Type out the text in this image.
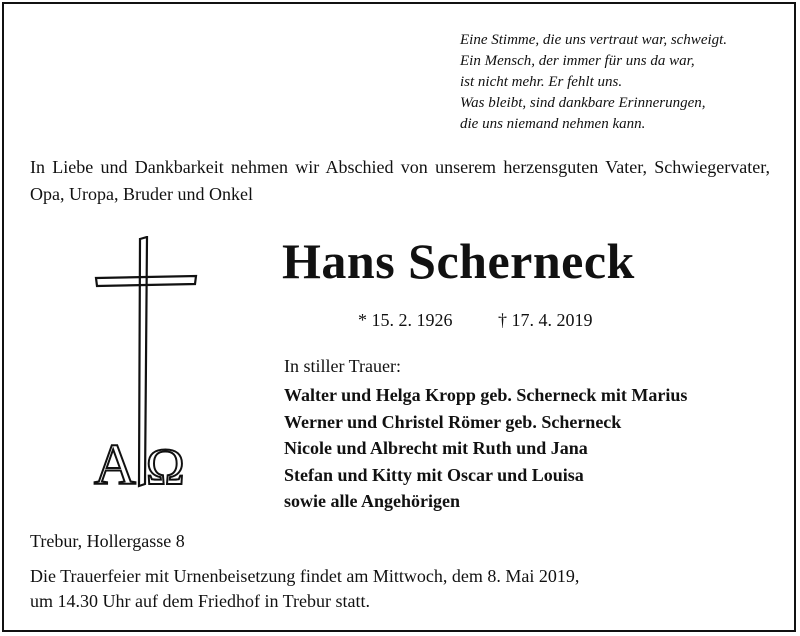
Eine Stimme, die uns vertraut war, schweigt.
Ein Mensch, der immer für uns da war,
ist nicht mehr. Er fehlt uns.
Was bleibt, sind dankbare Erinnerungen,
die uns niemand nehmen kann.
In Liebe und Dankbarkeit nehmen wir Abschied von unserem herzensguten Vater, Schwiegervater, Opa, Uropa, Bruder und Onkel
A Ω
Hans Scherneck
* 15. 2. 1926	† 17. 4. 2019
In stiller Trauer:
Walter und Helga Kropp geb. Scherneck mit Marius
Werner und Christel Römer geb. Scherneck
Nicole und Albrecht mit Ruth und Jana
Stefan und Kitty mit Oscar und Louisa
sowie alle Angehörigen
Trebur, Hollergasse 8
Die Trauerfeier mit Urnenbeisetzung findet am Mittwoch, dem 8. Mai 2019,
um 14.30 Uhr auf dem Friedhof in Trebur statt.
